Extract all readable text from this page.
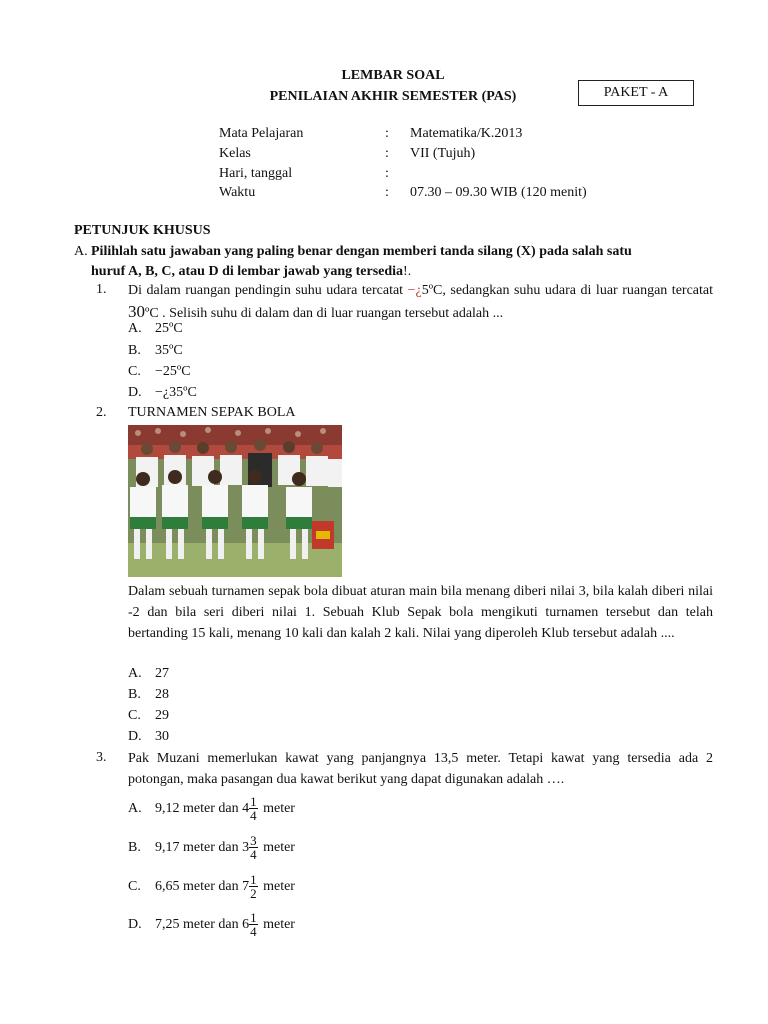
LEMBAR SOAL
PENILAIAN AKHIR SEMESTER (PAS)	PAKET - A
Mata Pelajaran	: Matematika/K.2013
Kelas	: VII (Tujuh)
Hari, tanggal	:
Waktu	: 07.30 – 09.30 WIB (120 menit)
PETUNJUK KHUSUS
A. Pilihlah satu jawaban yang paling benar dengan memberi tanda silang (X) pada salah satu
huruf A, B, C, atau D di lembar jawab yang tersedia!.
1. Di dalam ruangan pendingin suhu udara tercatat −¿5ºC, sedangkan suhu udara di luar ruangan tercatat 30ºC . Selisih suhu di dalam dan di luar ruangan tersebut adalah ...
A. 25ºC
B. 35ºC
C. −25ºC
D. −¿35ºC
2. TURNAMEN SEPAK BOLA
Dalam sebuah turnamen sepak bola dibuat aturan main bila menang diberi nilai 3, bila kalah diberi nilai -2 dan bila seri diberi nilai 1. Sebuah Klub Sepak bola mengikuti turnamen tersebut dan telah bertanding 15 kali, menang 10 kali dan kalah 2 kali. Nilai yang diperoleh Klub tersebut adalah ....
A. 27
B. 28
C. 29
D. 30
3. Pak Muzani memerlukan kawat yang panjangnya 13,5 meter. Tetapi kawat yang tersedia ada 2 potongan, maka pasangan dua kawat berikut yang dapat digunakan adalah ….
A. 9,12 meter dan $4 \frac{1}{4}$ meter
B. 9,17 meter dan $3 \frac{3}{4}$ meter
C. 6,65 meter dan $7 \frac{1}{2}$ meter
D. 7,25 meter dan $6 \frac{1}{4}$ meter
